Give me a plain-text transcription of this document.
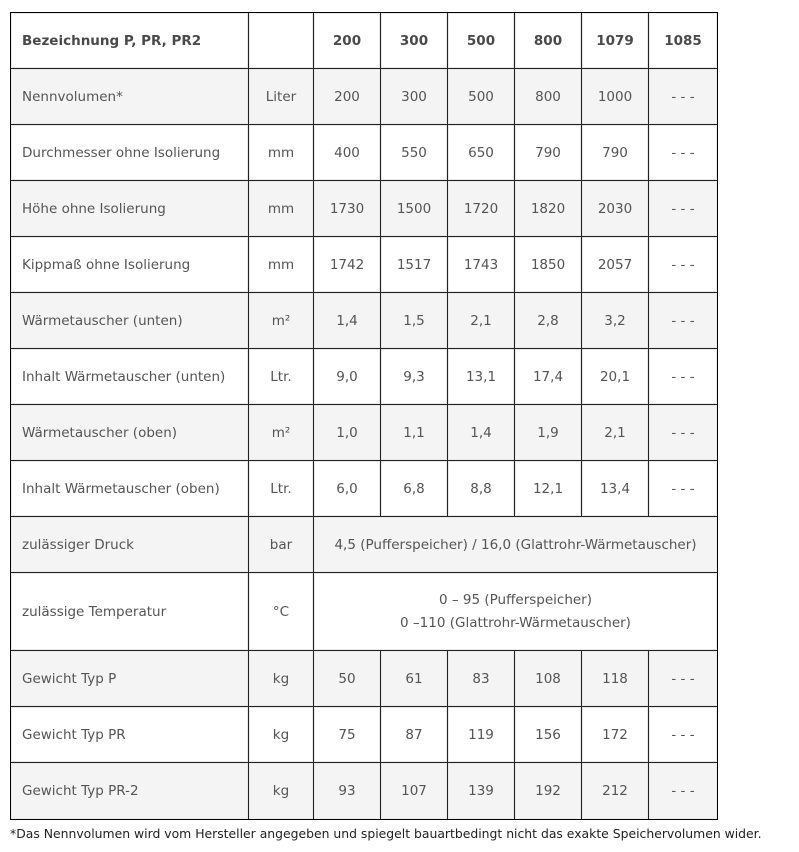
Bezeichnung P, PR, PR2		200	300	500	800	1079	1085
Nennvolumen*	Liter	200	300	500	800	1000	- - -
Durchmesser ohne Isolierung	mm	400	550	650	790	790	- - -
Höhe ohne Isolierung	mm	1730	1500	1720	1820	2030	- - -
Kippmaß ohne Isolierung	mm	1742	1517	1743	1850	2057	- - -
Wärmetauscher (unten)	m²	1,4	1,5	2,1	2,8	3,2	- - -
Inhalt Wärmetauscher (unten)	Ltr.	9,0	9,3	13,1	17,4	20,1	- - -
Wärmetauscher (oben)	m²	1,0	1,1	1,4	1,9	2,1	- - -
Inhalt Wärmetauscher (oben)	Ltr.	6,0	6,8	8,8	12,1	13,4	- - -
zulässiger Druck	bar	4,5 (Pufferspeicher) / 16,0 (Glattrohr-Wärmetauscher)					
zulässige Temperatur	°C	0 – 95 (Pufferspeicher)
0 –110 (Glattrohr-Wärmetauscher)					

Gewicht Typ P	kg	50	61	83	108	118	- - -
Gewicht Typ PR	kg	75	87	119	156	172	- - -
Gewicht Typ PR-2	kg	93	107	139	192	212	- - -
*Das Nennvolumen wird vom Hersteller angegeben und spiegelt bauartbedingt nicht das exakte Speichervolumen wider.
